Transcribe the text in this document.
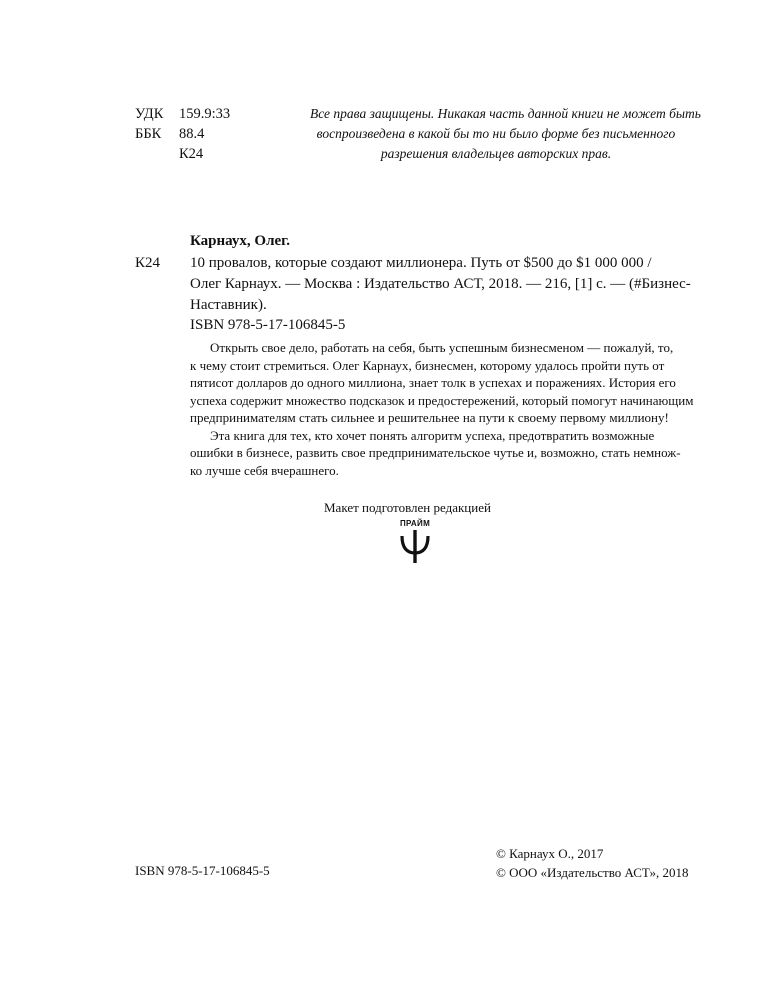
УДК 159.9:33
ББК 88.4
К24
Все права защищены. Никакая часть данной книги не может быть
воспроизведена в какой бы то ни было форме без письменного
разрешения владельцев авторских прав.
Карнаух, Олег.
К24 10 провалов, которые создают миллионера. Путь от $500 до $1 000 000 /
Олег Карнаух. — Москва : Издательство АСТ, 2018. — 216, [1] с. — (#Бизнес-
Наставник).
ISBN 978-5-17-106845-5
Открыть свое дело, работать на себя, быть успешным бизнесменом — пожалуй, то,
к чему стоит стремиться. Олег Карнаух, бизнесмен, которому удалось пройти путь от
пятисот долларов до одного миллиона, знает толк в успехах и поражениях. История его
успеха содержит множество подсказок и предостережений, который помогут начинающим
предпринимателям стать сильнее и решительнее на пути к своему первому миллиону!
Эта книга для тех, кто хочет понять алгоритм успеха, предотвратить возможные
ошибки в бизнесе, развить свое предпринимательское чутье и, возможно, стать немнож-
ко лучше себя вчерашнего.
Макет подготовлен редакцией
ПРАЙМ
ISBN 978-5-17-106845-5
© Карнаух О., 2017
© ООО «Издательство АСТ», 2018
